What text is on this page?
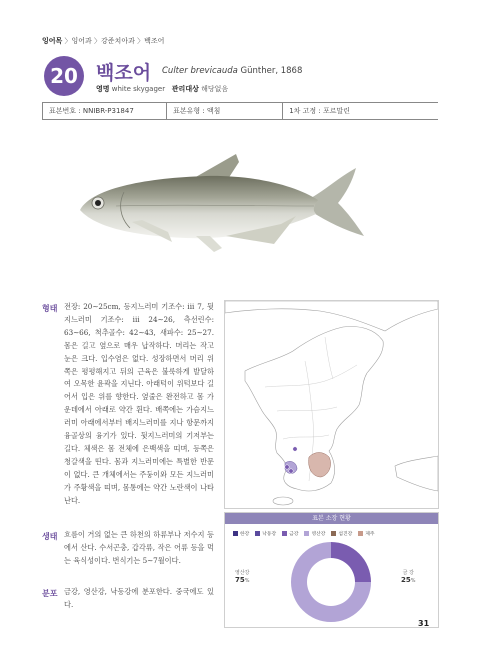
잉어목 〉잉어과 〉강준치아과 〉백조어
20 백조어 Culter brevicauda Günther, 1868
영명 white skygager 관리대상 해당없음
표본번호 : NNIBR-P31847	표본유형 : 액침	1차 고정 : 포르말린
형태 전장: 20∼25cm, 등지느러미 기조수: iii 7, 뒷지느러미 기조수: iii 24∼26, 측선린수: 63∼66, 척추골수: 42∼43, 새파수: 25∼27. 몸은 길고 옆으로 매우 납작하다. 머리는 작고 눈은 크다. 입수염은 없다. 성장하면서 머리 위쪽은 평평해지고 뒤의 근육은 불룩하게 발달하여 오목한 윤곽을 지닌다. 아래턱이 위턱보다 길어서 입은 위를 향한다. 옆줄은 완전하고 몸 가운데에서 아래로 약간 휜다. 배쪽에는 가슴지느러미 아래에서부터 배지느러미를 지나 항문까지 융골상의 융기가 있다. 뒷지느러미의 기저부는 길다. 체색은 몸 전체에 은백색을 띠며, 등쪽은 청갈색을 띤다. 몸과 지느러미에는 특별한 반문이 없다. 큰 개체에서는 주둥이와 모든 지느러미가 주황색을 띠며, 몸통에는 약간 노란색이 나타난다.
생태 흐름이 거의 없는 큰 하천의 하류부나 저수지 등에서 산다. 수서곤충, 갑각류, 작은 어류 등을 먹는 육식성이다. 번식기는 5∼7월이다.
분포 금강, 영산강, 낙동강에 분포한다. 중국에도 있다.
표본 소장 현황
한강	낙동강	금강	영산강	섬진강	제주
영산강
75%
금 강
25%
31
